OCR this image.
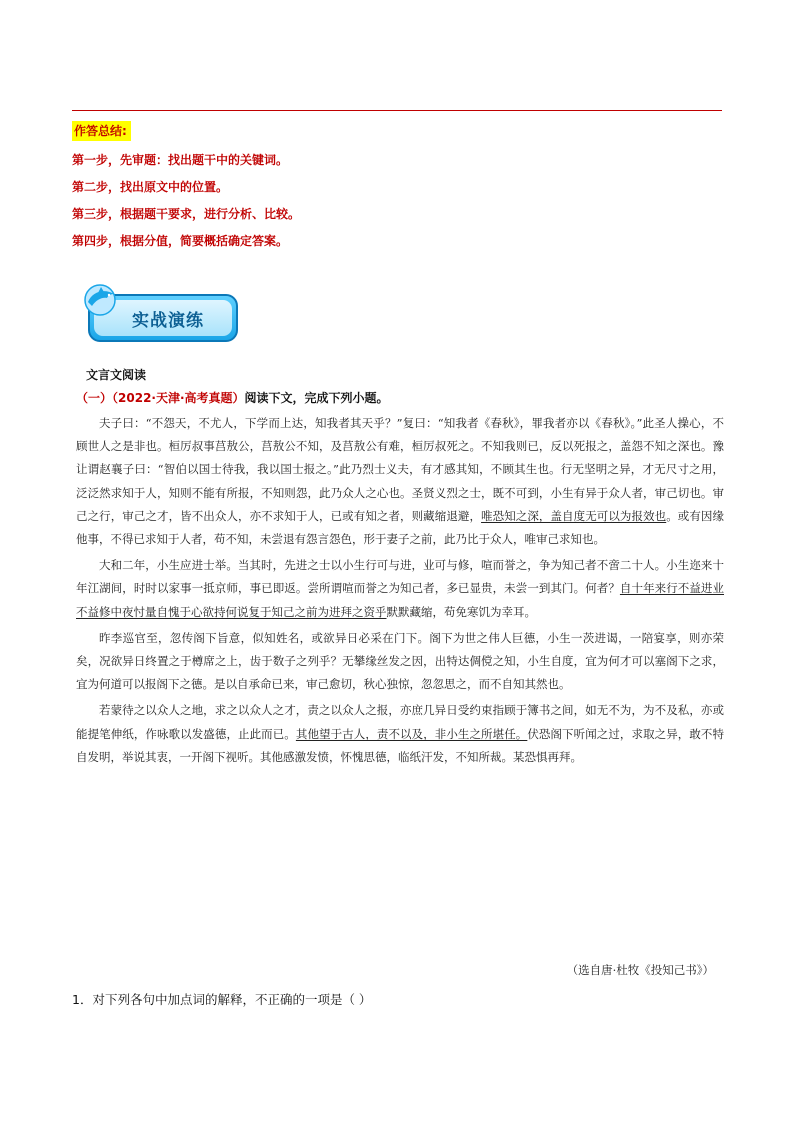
作答总结:
第一步，先审题：找出题干中的关键词。
第二步，找出原文中的位置。
第三步，根据题干要求，进行分析、比较。
第四步，根据分值，简要概括确定答案。
实战演练
文言文阅读
（一）（2022·天津·高考真题）阅读下文，完成下列小题。

夫子曰：“不怨天，不尤人，下学而上达，知我者其天乎？”复曰：“知我者《春秋》，罪我者亦以《春秋》。”此圣人操心，不顾世人之是非也。桓厉叔事莒敖公，莒敖公不知，及莒敖公有难，桓厉叔死之。不知我则已，反以死报之，盖怨不知之深也。豫让谓赵襄子曰：“智伯以国士待我，我以国士报之。”此乃烈士义夫，有才感其知，不顾其生也。行无坚明之异，才无尺寸之用，泛泛然求知于人，知则不能有所报，不知则怨，此乃众人之心也。圣贤义烈之士，既不可到，小生有异于众人者，审己切也。审己之行，审己之才，皆不出众人，亦不求知于人，已或有知之者，则藏缩退避，唯恐知之深，盖自度无可以为报效也。或有因缘他事，不得已求知于人者，苟不知，未尝退有怨言怨色，形于妻子之前，此乃比于众人，唯审己求知也。

大和二年，小生应进士举。当其时，先进之士以小生行可与进，业可与修，喧而誉之，争为知己者不啻二十人。小生迩来十年江湖间，时时以家事一抵京师，事已即返。尝所谓喧而誉之为知己者，多已显贵，未尝一到其门。何者？自十年来行不益进业不益修中夜忖量自愧于心欲持何说复于知己之前为进拜之资乎默默藏缩，苟免寒饥为幸耳。

昨李巡官至，忽传阁下旨意，似知姓名，或欲异日必采在门下。阁下为世之伟人巨德，小生一茨进谒，一陪宴享，则亦荣矣，况欲异日终置之于樽席之上，齿于数子之列乎？无攀缘丝发之因，出特达倜傥之知，小生自度，宜为何才可以塞阁下之求，宜为何道可以报阁下之德。是以自承命已来，审己愈切，秋心独惊，忽忽思之，而不自知其然也。

若蒙待之以众人之地，求之以众人之才，责之以众人之报，亦庶几异日受约束指顾于簿书之间，如无不为，为不及私，亦或能提笔伸纸，作咏歌以发盛德，止此而已。其他望于古人，责不以及，非小生之所堪任。伏恐阁下听闻之过，求取之异，敢不特自发明，举说其衷，一开阁下视听。其他感激发愤，怀愧思德，临纸汗发，不知所裁。某恐惧再拜。

（选自唐·杜牧《投知己书》）
1．对下列各句中加点词的解释，不正确的一项是（ ）
